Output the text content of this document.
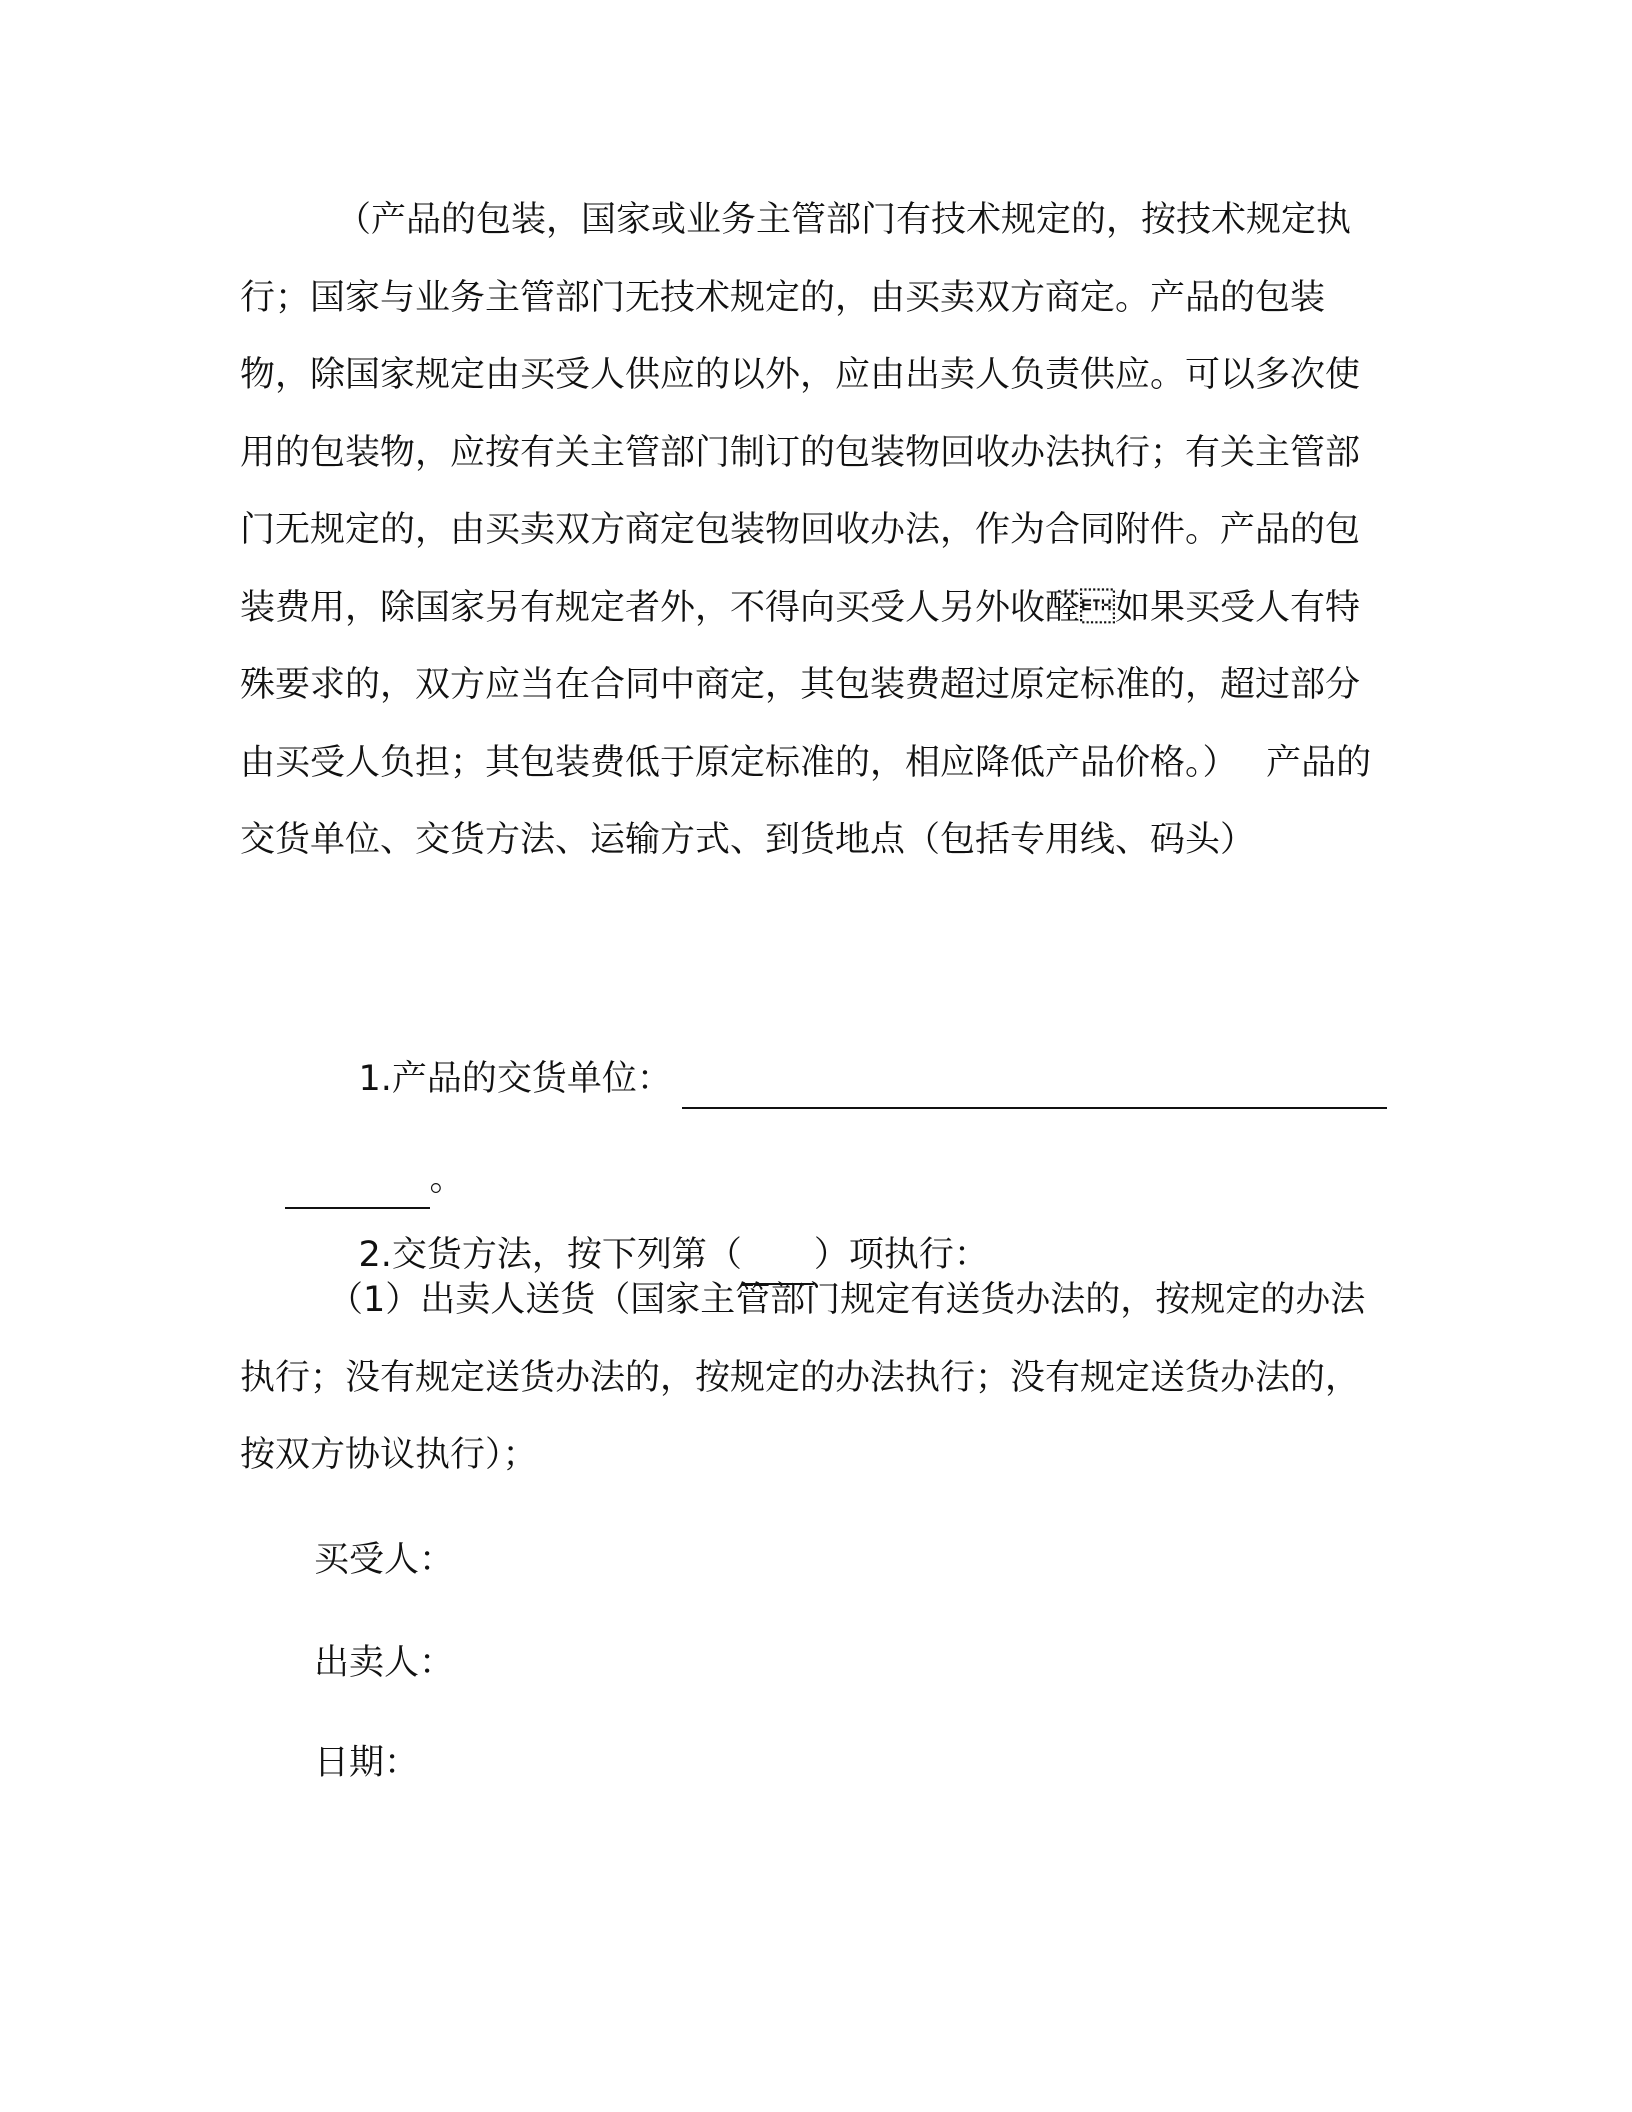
（产品的包装，国家或业务主管部门有技术规定的，按技术规定执行；国家与业务主管部门无技术规定的，由买卖双方商定。产品的包装物，除国家规定由买受人供应的以外，应由出卖人负责供应。可以多次使用的包装物，应按有关主管部门制订的包装物回收办法执行；有关主管部门无规定的，由买卖双方商定包装物回收办法，作为合同附件。产品的包装费用，除国家另有规定者外，不得向买受人另外收醛如果买受人有特殊要求的，双方应当在合同中商定，其包装费超过原定标准的，超过部分由买受人负担；其包装费低于原定标准的，相应降低产品价格。）　 产品的交货单位、交货方法、运输方式、到货地点（包括专用线、码头）

1.产品的交货单位：

。

2.交货方法，按下列第（ ）项执行：

（1）出卖人送货（国家主管部门规定有送货办法的，按规定的办法执行；没有规定送货办法的，按规定的办法执行；没有规定送货办法的，按双方协议执行）；
买受人：
出卖人：
日期：
